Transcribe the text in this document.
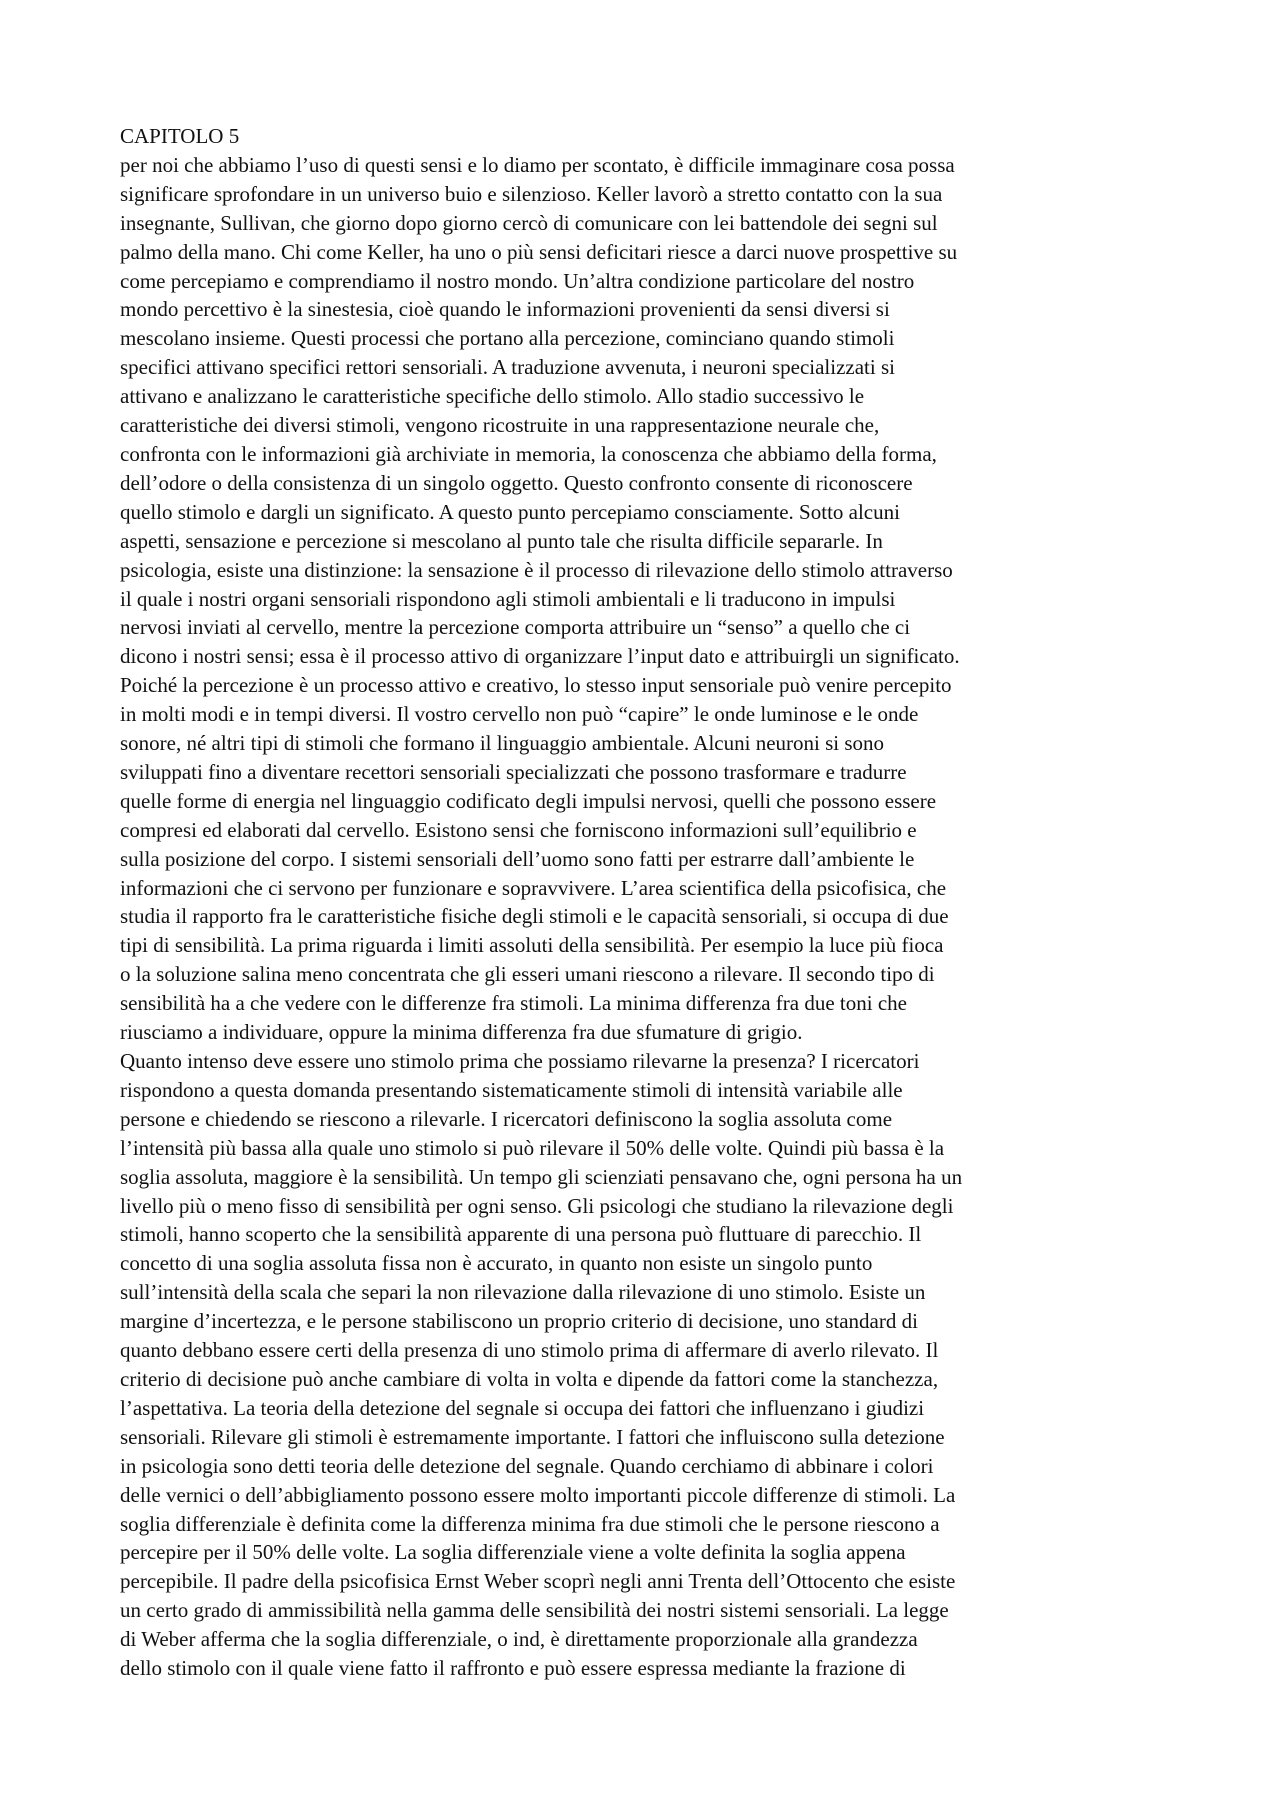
CAPITOLO 5

per noi che abbiamo l’uso di questi sensi e lo diamo per scontato, è difficile immaginare cosa possa
significare sprofondare in un universo buio e silenzioso. Keller lavorò a stretto contatto con la sua
insegnante, Sullivan, che giorno dopo giorno cercò di comunicare con lei battendole dei segni sul
palmo della mano. Chi come Keller, ha uno o più sensi deficitari riesce a darci nuove prospettive su
come percepiamo e comprendiamo il nostro mondo. Un’altra condizione particolare del nostro
mondo percettivo è la sinestesia, cioè quando le informazioni provenienti da sensi diversi si
mescolano insieme. Questi processi che portano alla percezione, cominciano quando stimoli
specifici attivano specifici rettori sensoriali. A traduzione avvenuta, i neuroni specializzati si
attivano e analizzano le caratteristiche specifiche dello stimolo. Allo stadio successivo le
caratteristiche dei diversi stimoli, vengono ricostruite in una rappresentazione neurale che,
confronta con le informazioni già archiviate in memoria, la conoscenza che abbiamo della forma,
dell’odore o della consistenza di un singolo oggetto. Questo confronto consente di riconoscere
quello stimolo e dargli un significato. A questo punto percepiamo consciamente. Sotto alcuni
aspetti, sensazione e percezione si mescolano al punto tale che risulta difficile separarle. In
psicologia, esiste una distinzione: la sensazione è il processo di rilevazione dello stimolo attraverso
il quale i nostri organi sensoriali rispondono agli stimoli ambientali e li traducono in impulsi
nervosi inviati al cervello, mentre la percezione comporta attribuire un “senso” a quello che ci
dicono i nostri sensi; essa è il processo attivo di organizzare l’input dato e attribuirgli un significato.
Poiché la percezione è un processo attivo e creativo, lo stesso input sensoriale può venire percepito
in molti modi e in tempi diversi. Il vostro cervello non può “capire” le onde luminose e le onde
sonore, né altri tipi di stimoli che formano il linguaggio ambientale. Alcuni neuroni si sono
sviluppati fino a diventare recettori sensoriali specializzati che possono trasformare e tradurre
quelle forme di energia nel linguaggio codificato degli impulsi nervosi, quelli che possono essere
compresi ed elaborati dal cervello. Esistono sensi che forniscono informazioni sull’equilibrio e
sulla posizione del corpo. I sistemi sensoriali dell’uomo sono fatti per estrarre dall’ambiente le
informazioni che ci servono per funzionare e sopravvivere. L’area scientifica della psicofisica, che
studia il rapporto fra le caratteristiche fisiche degli stimoli e le capacità sensoriali, si occupa di due
tipi di sensibilità. La prima riguarda i limiti assoluti della sensibilità. Per esempio la luce più fioca
o la soluzione salina meno concentrata che gli esseri umani riescono a rilevare. Il secondo tipo di
sensibilità ha a che vedere con le differenze fra stimoli. La minima differenza fra due toni che
riusciamo a individuare, oppure la minima differenza fra due sfumature di grigio.

Quanto intenso deve essere uno stimolo prima che possiamo rilevarne la presenza? I ricercatori
rispondono a questa domanda presentando sistematicamente stimoli di intensità variabile alle
persone e chiedendo se riescono a rilevarle. I ricercatori definiscono la soglia assoluta come
l’intensità più bassa alla quale uno stimolo si può rilevare il 50% delle volte. Quindi più bassa è la
soglia assoluta, maggiore è la sensibilità. Un tempo gli scienziati pensavano che, ogni persona ha un
livello più o meno fisso di sensibilità per ogni senso. Gli psicologi che studiano la rilevazione degli
stimoli, hanno scoperto che la sensibilità apparente di una persona può fluttuare di parecchio. Il
concetto di una soglia assoluta fissa non è accurato, in quanto non esiste un singolo punto
sull’intensità della scala che separi la non rilevazione dalla rilevazione di uno stimolo. Esiste un
margine d’incertezza, e le persone stabiliscono un proprio criterio di decisione, uno standard di
quanto debbano essere certi della presenza di uno stimolo prima di affermare di averlo rilevato. Il
criterio di decisione può anche cambiare di volta in volta e dipende da fattori come la stanchezza,
l’aspettativa. La teoria della detezione del segnale si occupa dei fattori che influenzano i giudizi
sensoriali. Rilevare gli stimoli è estremamente importante. I fattori che influiscono sulla detezione
in psicologia sono detti teoria delle detezione del segnale. Quando cerchiamo di abbinare i colori
delle vernici o dell’abbigliamento possono essere molto importanti piccole differenze di stimoli. La
soglia differenziale è definita come la differenza minima fra due stimoli che le persone riescono a
percepire per il 50% delle volte. La soglia differenziale viene a volte definita la soglia appena
percepibile. Il padre della psicofisica Ernst Weber scoprì negli anni Trenta dell’Ottocento che esiste
un certo grado di ammissibilità nella gamma delle sensibilità dei nostri sistemi sensoriali. La legge
di Weber afferma che la soglia differenziale, o ind, è direttamente proporzionale alla grandezza
dello stimolo con il quale viene fatto il raffronto e può essere espressa mediante la frazione di
